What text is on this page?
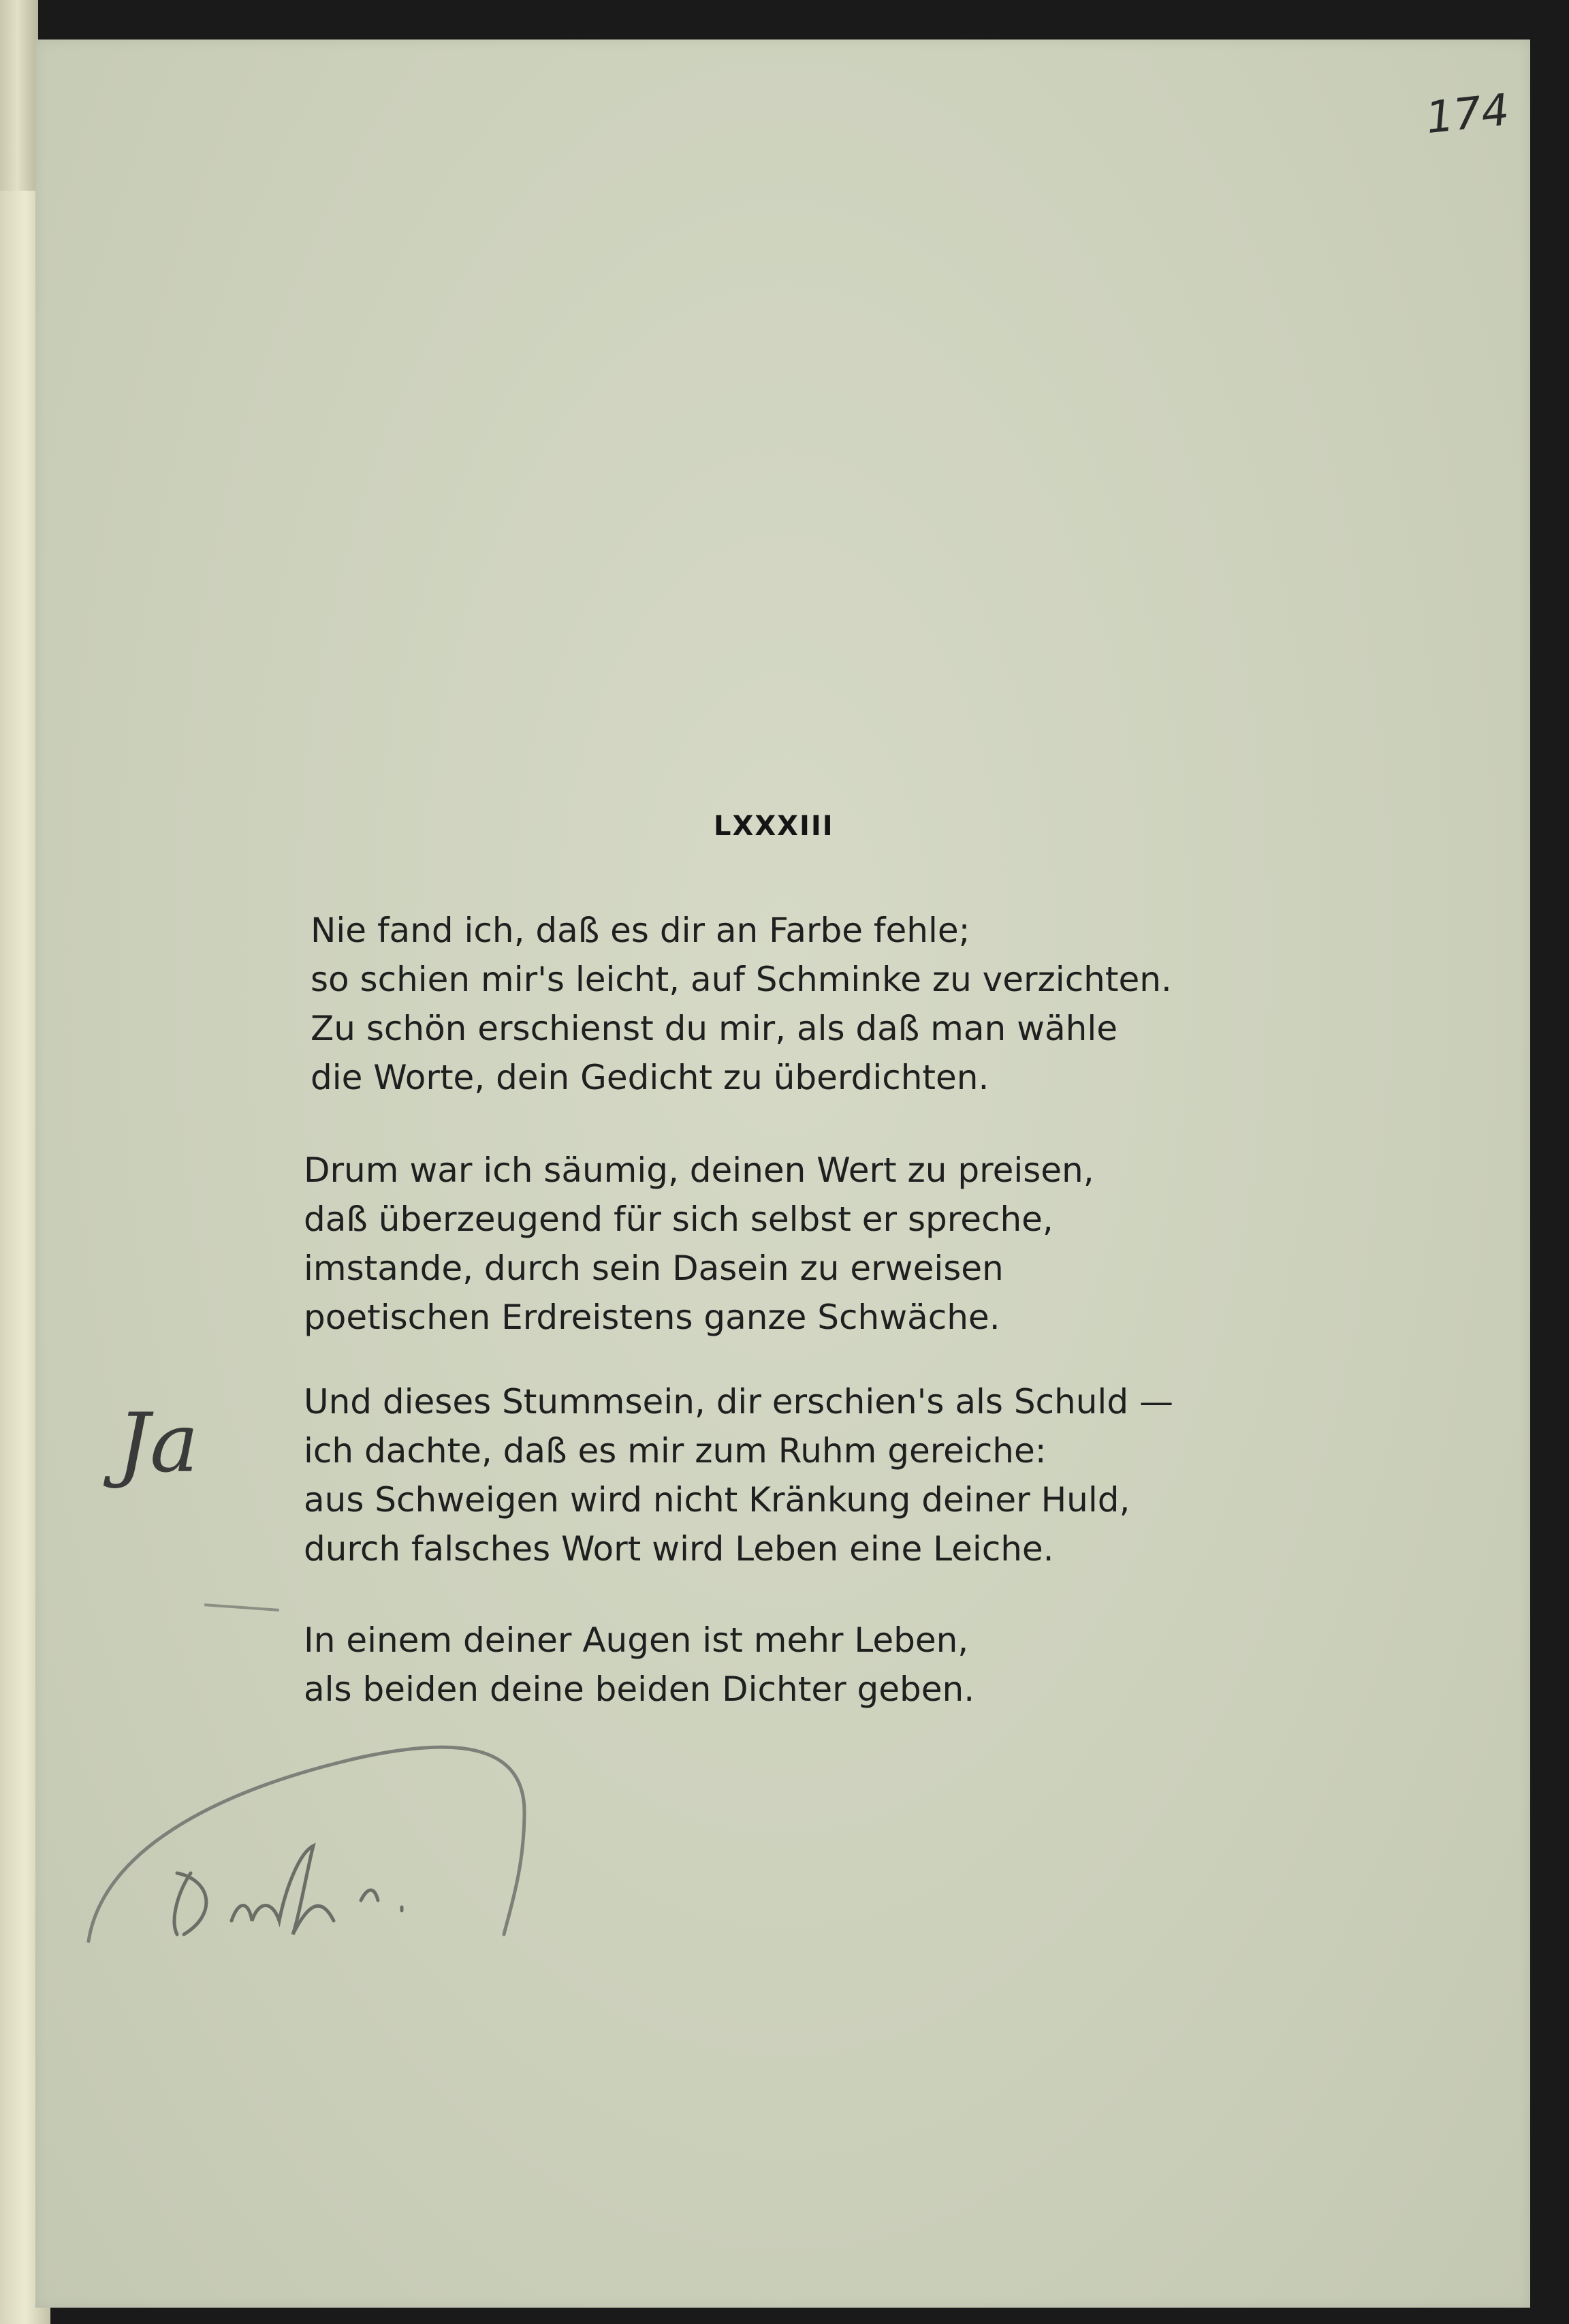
174
LXXXIII
Nie fand ich, daß es dir an Farbe fehle;
so schien mir's leicht, auf Schminke zu verzichten.
Zu schön erschienst du mir, als daß man wähle
die Worte, dein Gedicht zu überdichten.
Drum war ich säumig, deinen Wert zu preisen,
daß überzeugend für sich selbst er spreche,
imstande, durch sein Dasein zu erweisen
poetischen Erdreistens ganze Schwäche.
Und dieses Stummsein, dir erschien's als Schuld —
ich dachte, daß es mir zum Ruhm gereiche:
aus Schweigen wird nicht Kränkung deiner Huld,
durch falsches Wort wird Leben eine Leiche.
In einem deiner Augen ist mehr Leben,
als beiden deine beiden Dichter geben.
Ja
